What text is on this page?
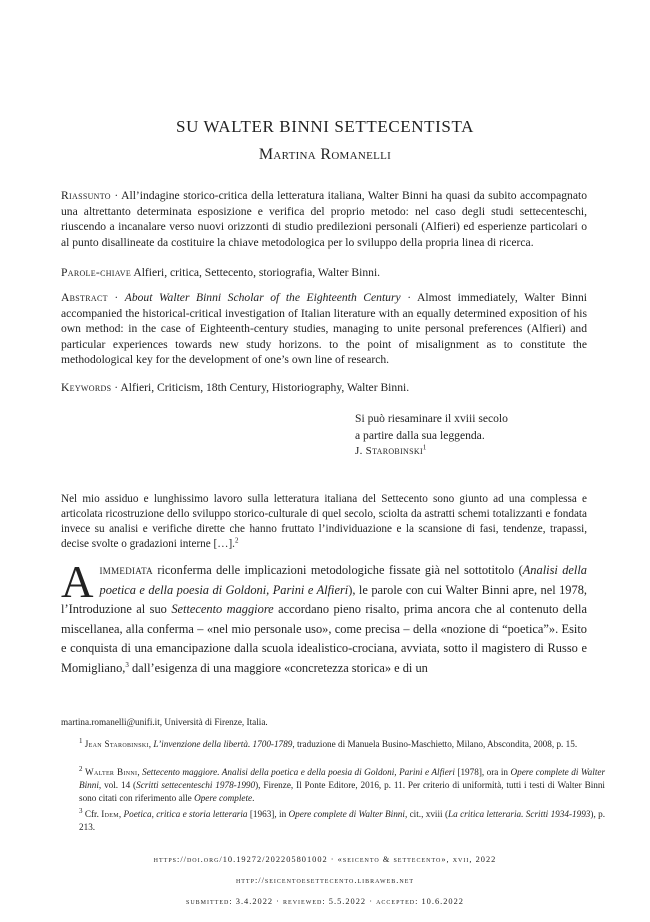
SU WALTER BINNI SETTECENTISTA
Martina Romanelli
Riassunto · All’indagine storico-critica della letteratura italiana, Walter Binni ha quasi da subito accompagnato una altrettanto determinata esposizione e verifica del proprio metodo: nel caso degli studi settecenteschi, riuscendo a incanalare verso nuovi orizzonti di studio predilezioni personali (Alfieri) ed esperienze particolari o al punto disallineate da costituire la chiave metodologica per lo sviluppo della propria linea di ricerca.
Parole-chiave Alfieri, critica, Settecento, storiografia, Walter Binni.
Abstract · About Walter Binni Scholar of the Eighteenth Century · Almost immediately, Walter Binni accompanied the historical-critical investigation of Italian literature with an equally determined exposition of his own method: in the case of Eighteenth-century studies, managing to unite personal preferences (Alfieri) and particular experiences towards new study horizons. to the point of misalignment as to constitute the methodological key for the development of one’s own line of research.
Keywords · Alfieri, Criticism, 18th Century, Historiography, Walter Binni.
Si può riesaminare il xviii secolo
a partire dalla sua leggenda.
J. Starobinski$^1$
Nel mio assiduo e lunghissimo lavoro sulla letteratura italiana del Settecento sono giunto ad una complessa e articolata ricostruzione dello sviluppo storico-culturale di quel secolo, sciolta da astratti schemi totalizzanti e fondata invece su analisi e verifiche dirette che hanno fruttato l’individuazione e la scansione di fasi, tendenze, trapassi, decise svolte o gradazioni interne […].$^2$
Aimmediata riconferma delle implicazioni metodologiche fissate già nel sottotitolo (Analisi della poetica e della poesia di Goldoni, Parini e Alfieri), le parole con cui Walter Binni apre, nel 1978, l’Introduzione al suo Settecento maggiore accordano pieno risalto, prima ancora che al contenuto della miscellanea, alla conferma – «nel mio personale uso», come precisa – della «nozione di “poetica”». Esito e conquista di una emancipazione dalla scuola idealistico-crociana, avviata, sotto il magistero di Russo e Momigliano,$^3$ dall’esigenza di una maggiore «concretezza storica» e di un
martina.romanelli@unifi.it, Università di Firenze, Italia.
$^1$ Jean Starobinski, L’invenzione della libertà. 1700-1789, traduzione di Manuela Busino-Maschietto, Milano, Abscondita, 2008, p. 15.
$^2$ Walter Binni, Settecento maggiore. Analisi della poetica e della poesia di Goldoni, Parini e Alfieri [1978], ora in Opere complete di Walter Binni, vol. 14 (Scritti settecenteschi 1978-1990), Firenze, Il Ponte Editore, 2016, p. 11. Per criterio di uniformità, tutti i testi di Walter Binni sono citati con riferimento alle Opere complete.
$^3$ Cfr. Idem, Poetica, critica e storia letteraria [1963], in Opere complete di Walter Binni, cit., xviii (La critica letteraria. Scritti 1934-1993), p. 213.
https://doi.org/10.19272/202205801002 · «seicento & settecento», xvii, 2022
http://seicentoesettecento.libraweb.net
submitted: 3.4.2022 · reviewed: 5.5.2022 · accepted: 10.6.2022
